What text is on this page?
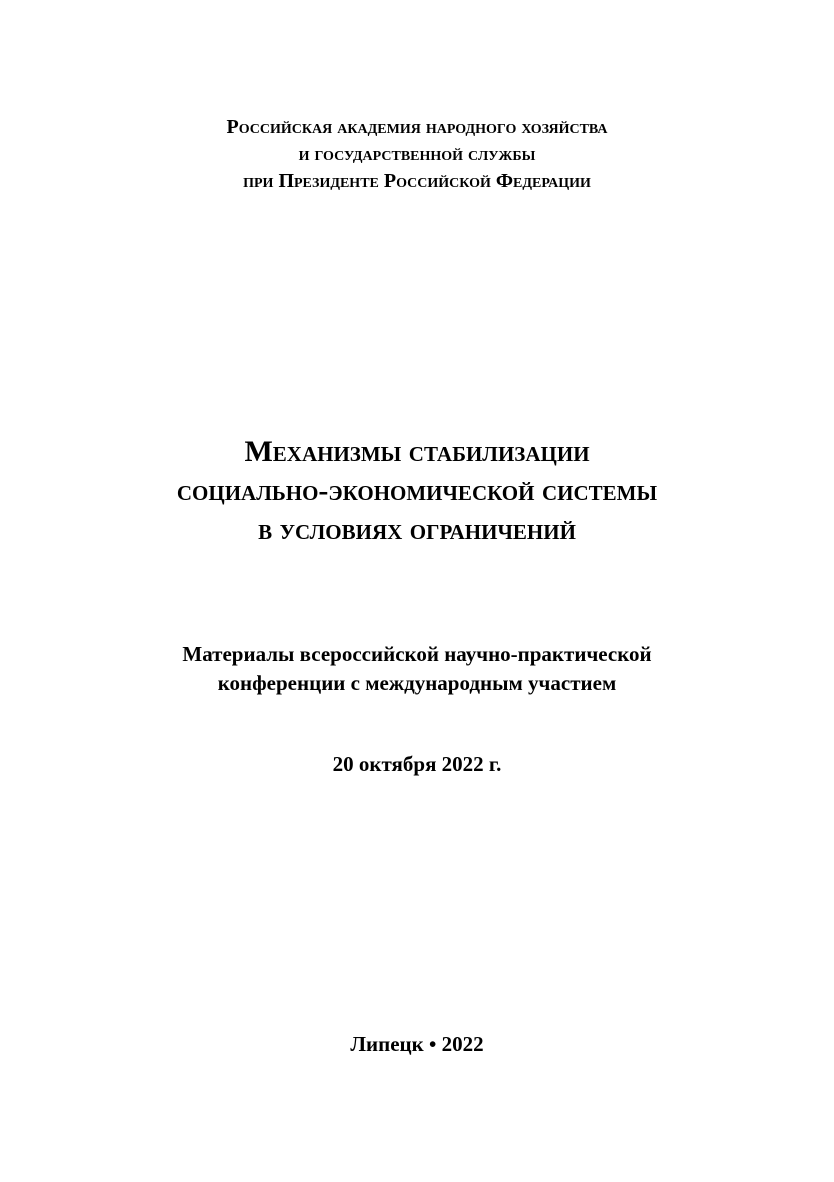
Российская академия народного хозяйства
и государственной службы
при Президенте Российской Федерации
Механизмы стабилизации
социально-экономической системы
в условиях ограничений
Материалы всероссийской научно-практической
конференции с международным участием
20 октября 2022 г.
Липецк • 2022
